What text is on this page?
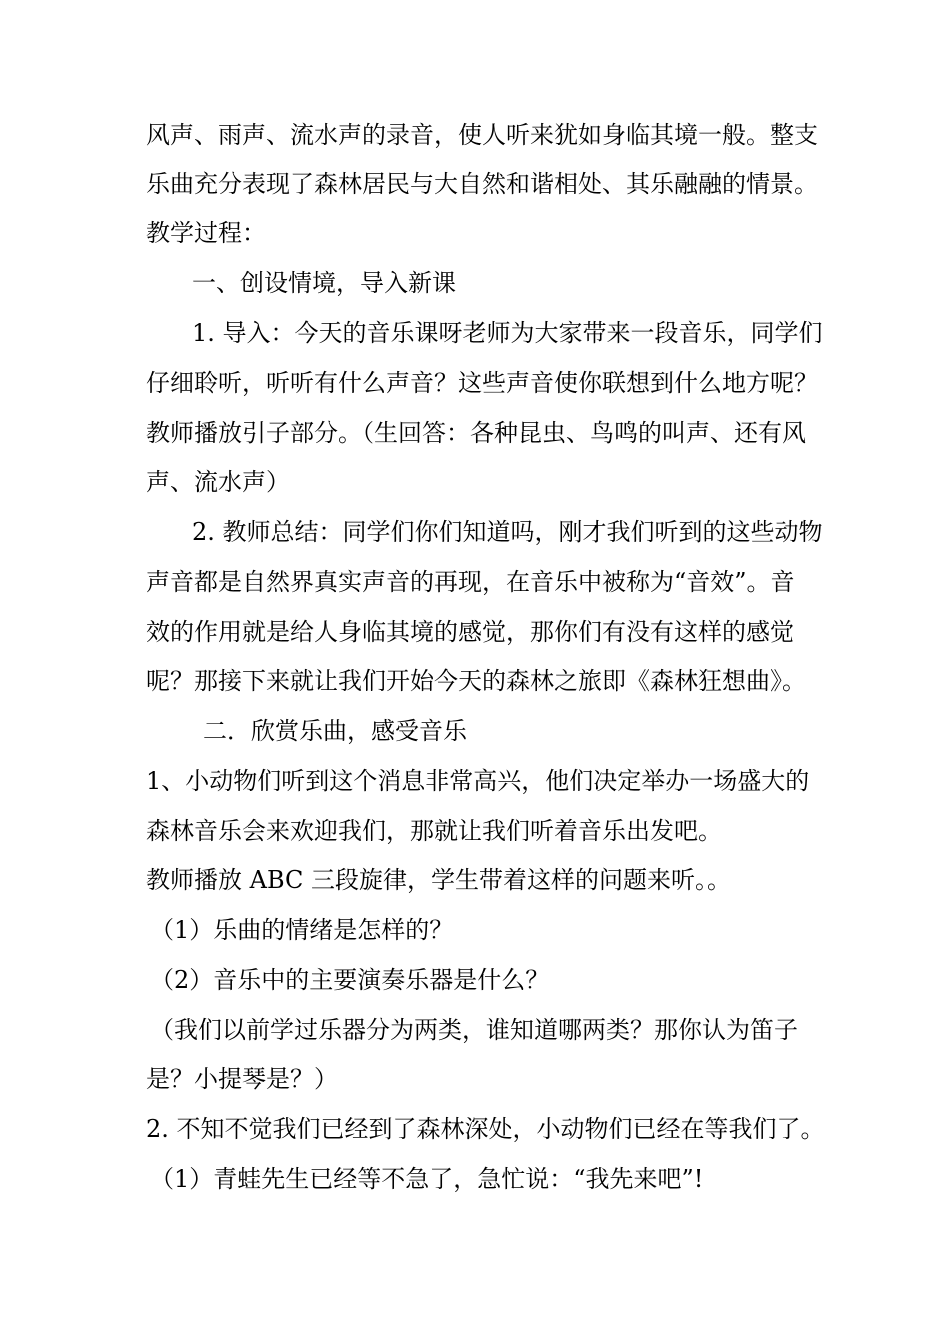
风声、雨声、流水声的录音，使人听来犹如身临其境一般。整支
乐曲充分表现了森林居民与大自然和谐相处、其乐融融的情景。
教学过程：
一、创设情境，导入新课
1. 导入：今天的音乐课呀老师为大家带来一段音乐，同学们
仔细聆听，听听有什么声音？这些声音使你联想到什么地方呢？
教师播放引子部分。（生回答：各种昆虫、鸟鸣的叫声、还有风
声、流水声）
2. 教师总结：同学们你们知道吗，刚才我们听到的这些动物
声音都是自然界真实声音的再现，在音乐中被称为“音效”。音
效的作用就是给人身临其境的感觉，那你们有没有这样的感觉
呢？那接下来就让我们开始今天的森林之旅即《森林狂想曲》。
二．欣赏乐曲，感受音乐
1、小动物们听到这个消息非常高兴，他们决定举办一场盛大的
森林音乐会来欢迎我们，那就让我们听着音乐出发吧。
教师播放 ABC 三段旋律，学生带着这样的问题来听。。
（1）乐曲的情绪是怎样的？
（2）音乐中的主要演奏乐器是什么？
（我们以前学过乐器分为两类，谁知道哪两类？那你认为笛子
是？小提琴是？）
2. 不知不觉我们已经到了森林深处，小动物们已经在等我们了。
（1）青蛙先生已经等不急了，急忙说：“我先来吧”!
